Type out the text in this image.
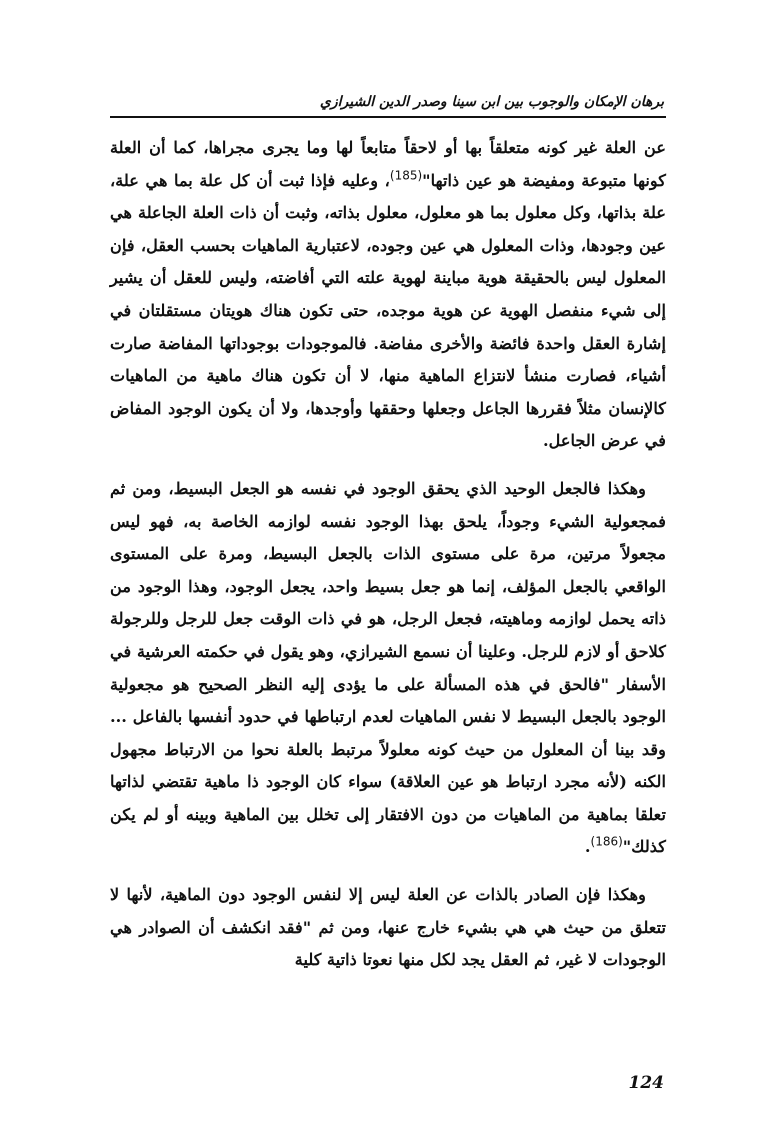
برهان الإمكان والوجوب بين ابن سينا وصدر الدين الشيرازي

عن العلة غير كونه متعلقاً بها أو لاحقاً متابعاً لها وما يجرى مجراها، كما أن العلة كونها متبوعة ومفيضة هو عين ذاتها"$^{(185)}$، وعليه فإذا ثبت أن كل علة بما هي علة، علة بذاتها، وكل معلول بما هو معلول، معلول بذاته، وثبت أن ذات العلة الجاعلة هي عين وجودها، وذات المعلول هي عين وجوده، لاعتبارية الماهيات بحسب العقل، فإن المعلول ليس بالحقيقة هوية مباينة لهوية علته التي أفاضته، وليس للعقل أن يشير إلى شيء منفصل الهوية عن هوية موجده، حتى تكون هناك هويتان مستقلتان في إشارة العقل واحدة فائضة والأخرى مفاضة. فالموجودات بوجوداتها المفاضة صارت أشياء، فصارت منشأ لانتزاع الماهية منها، لا أن تكون هناك ماهية من الماهيات كالإنسان مثلاً فقررها الجاعل وجعلها وحققها وأوجدها، ولا أن يكون الوجود المفاض في عرض الجاعل.

وهكذا فالجعل الوحيد الذي يحقق الوجود في نفسه هو الجعل البسيط، ومن ثم فمجعولية الشيء وجوداً، يلحق بهذا الوجود نفسه لوازمه الخاصة به، فهو ليس مجعولاً مرتين، مرة على مستوى الذات بالجعل البسيط، ومرة على المستوى الواقعي بالجعل المؤلف، إنما هو جعل بسيط واحد، يجعل الوجود، وهذا الوجود من ذاته يحمل لوازمه وماهيته، فجعل الرجل، هو في ذات الوقت جعل للرجل وللرجولة كلاحق أو لازم للرجل. وعلينا أن نسمع الشيرازي، وهو يقول في حكمته العرشية في الأسفار "فالحق في هذه المسألة على ما يؤدى إليه النظر الصحيح هو مجعولية الوجود بالجعل البسيط لا نفس الماهيات لعدم ارتباطها في حدود أنفسها بالفاعل ... وقد بينا أن المعلول من حيث كونه معلولاً مرتبط بالعلة نحوا من الارتباط مجهول الكنه (لأنه مجرد ارتباط هو عين العلاقة) سواء كان الوجود ذا ماهية تقتضي لذاتها تعلقا بماهية من الماهيات من دون الافتقار إلى تخلل بين الماهية وبينه أو لم يكن كذلك"$^{(186)}$.

وهكذا فإن الصادر بالذات عن العلة ليس إلا لنفس الوجود دون الماهية، لأنها لا تتعلق من حيث هي هي بشيء خارج عنها، ومن ثم "فقد انكشف أن الصوادر هي الوجودات لا غير، ثم العقل يجد لكل منها نعوتا ذاتية كلية

124
